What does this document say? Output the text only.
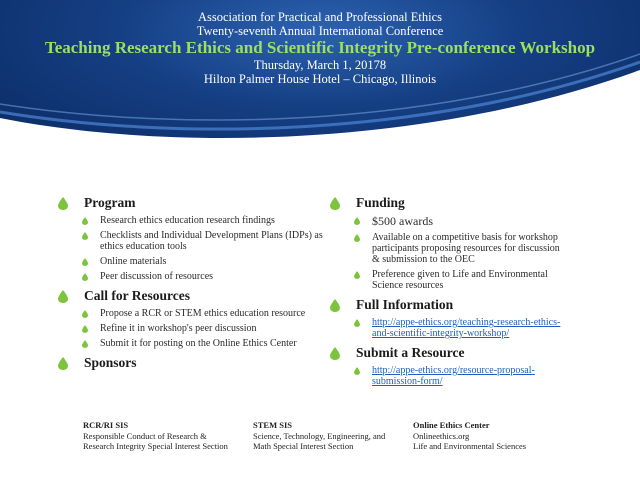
Association for Practical and Professional Ethics
Twenty-seventh Annual International Conference
Teaching Research Ethics and Scientific Integrity Pre-conference Workshop
Thursday, March 1, 20178
Hilton Palmer House Hotel – Chicago, Illinois
Program
Research ethics education research findings
Checklists and Individual Development Plans (IDPs) as ethics education tools
Online materials
Peer discussion of resources
Call for Resources
Propose a RCR or STEM ethics education resource
Refine it in workshop's peer discussion
Submit it for posting on the Online Ethics Center
Sponsors
Funding
$500 awards
Available on a competitive basis for workshop participants proposing resources for discussion & submission to the OEC
Preference given to Life and Environmental Science resources
Full Information
http://appe-ethics.org/teaching-research-ethics-and-scientific-integrity-workshop/
Submit a Resource
http://appe-ethics.org/resource-proposal-submission-form/
RCR/RI SIS
Responsible Conduct of Research &
Research Integrity Special Interest Section
STEM SIS
Science, Technology, Engineering, and
Math Special Interest Section
Online Ethics Center
Onlineethics.org
Life and Environmental Sciences
